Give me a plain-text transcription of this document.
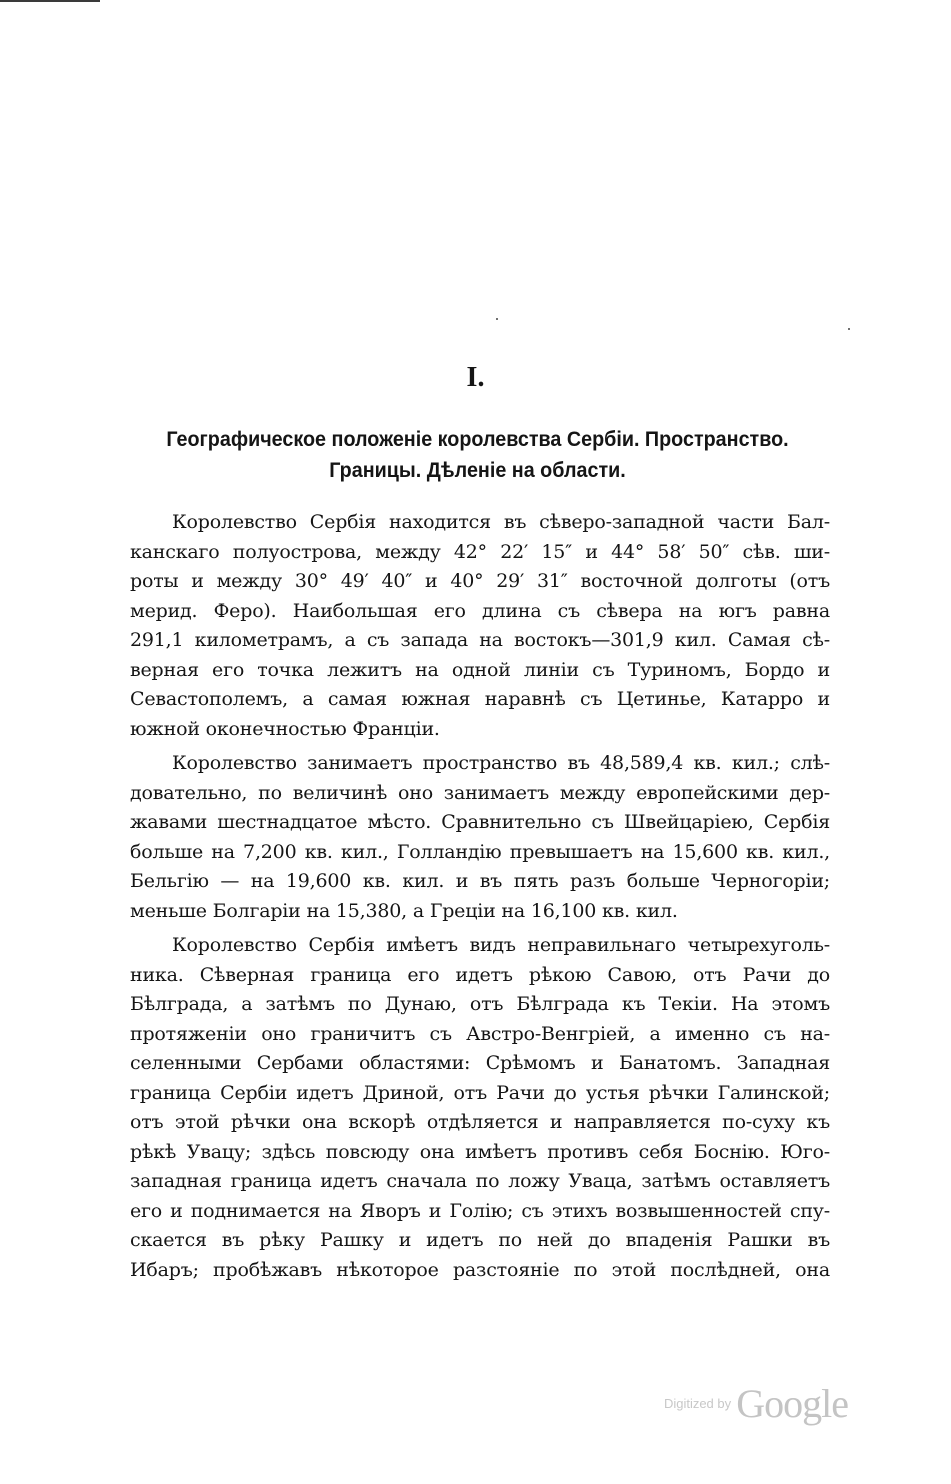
I.
Географическое положеніе королевства Сербіи. Пространство.
Границы. Дѣленіе на области.
Королевство Сербія находится въ сѣверо-западной части Бал-
канскаго полуострова, между 42° 22′ 15″ и 44° 58′ 50″ сѣв. ши-
роты и между 30° 49′ 40″ и 40° 29′ 31″ восточной долготы (отъ
мерид. Феро). Наибольшая его длина съ сѣвера на югъ равна
291,1 километрамъ, а съ запада на востокъ—301,9 кил. Самая сѣ-
верная его точка лежитъ на одной линіи съ Туриномъ, Бордо и
Севастополемъ, а самая южная наравнѣ съ Цетинье, Катарро и
южной оконечностью Франціи.
Королевство занимаетъ пространство въ 48,589,4 кв. кил.; слѣ-
довательно, по величинѣ оно занимаетъ между европейскими дер-
жавами шестнадцатое мѣсто. Сравнительно съ Швейцаріею, Сербія
больше на 7,200 кв. кил., Голландію превышаетъ на 15,600 кв. кил.,
Бельгію — на 19,600 кв. кил. и въ пять разъ больше Черногоріи;
меньше Болгаріи на 15,380, а Греціи на 16,100 кв. кил.
Королевство Сербія имѣетъ видъ неправильнаго четырехуголь-
ника. Сѣверная граница его идетъ рѣкою Савою, отъ Рачи до
Бѣлграда, а затѣмъ по Дунаю, отъ Бѣлграда къ Текіи. На этомъ
протяженіи оно граничитъ съ Австро-Венгріей, а именно съ на-
селенными Сербами областями: Срѣмомъ и Банатомъ. Западная
граница Сербіи идетъ Дриной, отъ Рачи до устья рѣчки Галинской;
отъ этой рѣчки она вскорѣ отдѣляется и направляется по-суху къ
рѣкѣ Увацу; здѣсь повсюду она имѣетъ противъ себя Боснію. Юго-
западная граница идетъ сначала по ложу Уваца, затѣмъ оставляетъ
его и поднимается на Яворъ и Голію; съ этихъ возвышенностей спу-
скается въ рѣку Рашку и идетъ по ней до впаденія Рашки въ
Ибаръ; пробѣжавъ нѣкоторое разстояніе по этой послѣдней, она
Digitized by Google
